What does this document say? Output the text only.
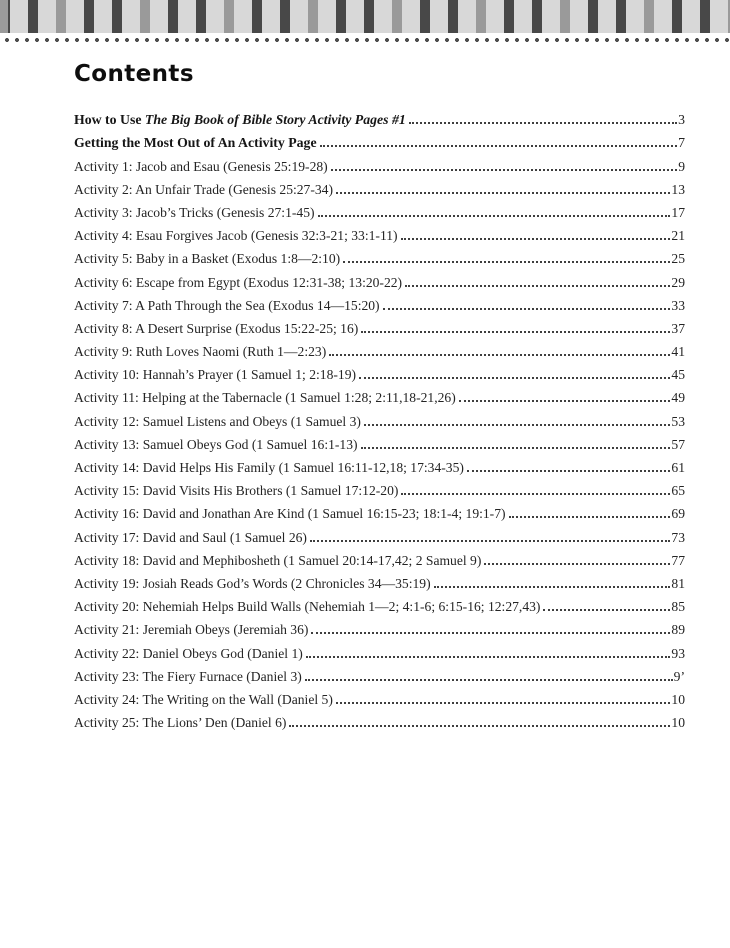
Contents
How to Use The Big Book of Bible Story Activity Pages #1	3
Getting the Most Out of An Activity Page	7
Activity 1: Jacob and Esau (Genesis 25:19-28)	9
Activity 2: An Unfair Trade (Genesis 25:27-34)	13
Activity 3: Jacob’s Tricks (Genesis 27:1-45)	17
Activity 4: Esau Forgives Jacob (Genesis 32:3-21; 33:1-11)	21
Activity 5: Baby in a Basket (Exodus 1:8—2:10)	25
Activity 6: Escape from Egypt (Exodus 12:31-38; 13:20-22)	29
Activity 7: A Path Through the Sea (Exodus 14—15:20)	33
Activity 8: A Desert Surprise (Exodus 15:22-25; 16)	37
Activity 9: Ruth Loves Naomi (Ruth 1—2:23)	41
Activity 10: Hannah’s Prayer (1 Samuel 1; 2:18-19)	45
Activity 11: Helping at the Tabernacle (1 Samuel 1:28; 2:11,18-21,26)	49
Activity 12: Samuel Listens and Obeys (1 Samuel 3)	53
Activity 13: Samuel Obeys God (1 Samuel 16:1-13)	57
Activity 14: David Helps His Family (1 Samuel 16:11-12,18; 17:34-35)	61
Activity 15: David Visits His Brothers (1 Samuel 17:12-20)	65
Activity 16: David and Jonathan Are Kind (1 Samuel 16:15-23; 18:1-4; 19:1-7)	69
Activity 17: David and Saul (1 Samuel 26)	73
Activity 18: David and Mephibosheth (1 Samuel 20:14-17,42; 2 Samuel 9)	77
Activity 19: Josiah Reads God’s Words (2 Chronicles 34—35:19)	81
Activity 20: Nehemiah Helps Build Walls (Nehemiah 1—2; 4:1-6; 6:15-16; 12:27,43)	85
Activity 21: Jeremiah Obeys (Jeremiah 36)	89
Activity 22: Daniel Obeys God (Daniel 1)	93
Activity 23: The Fiery Furnace (Daniel 3)	9’
Activity 24: The Writing on the Wall (Daniel 5)	10
Activity 25: The Lions’ Den (Daniel 6)	10
